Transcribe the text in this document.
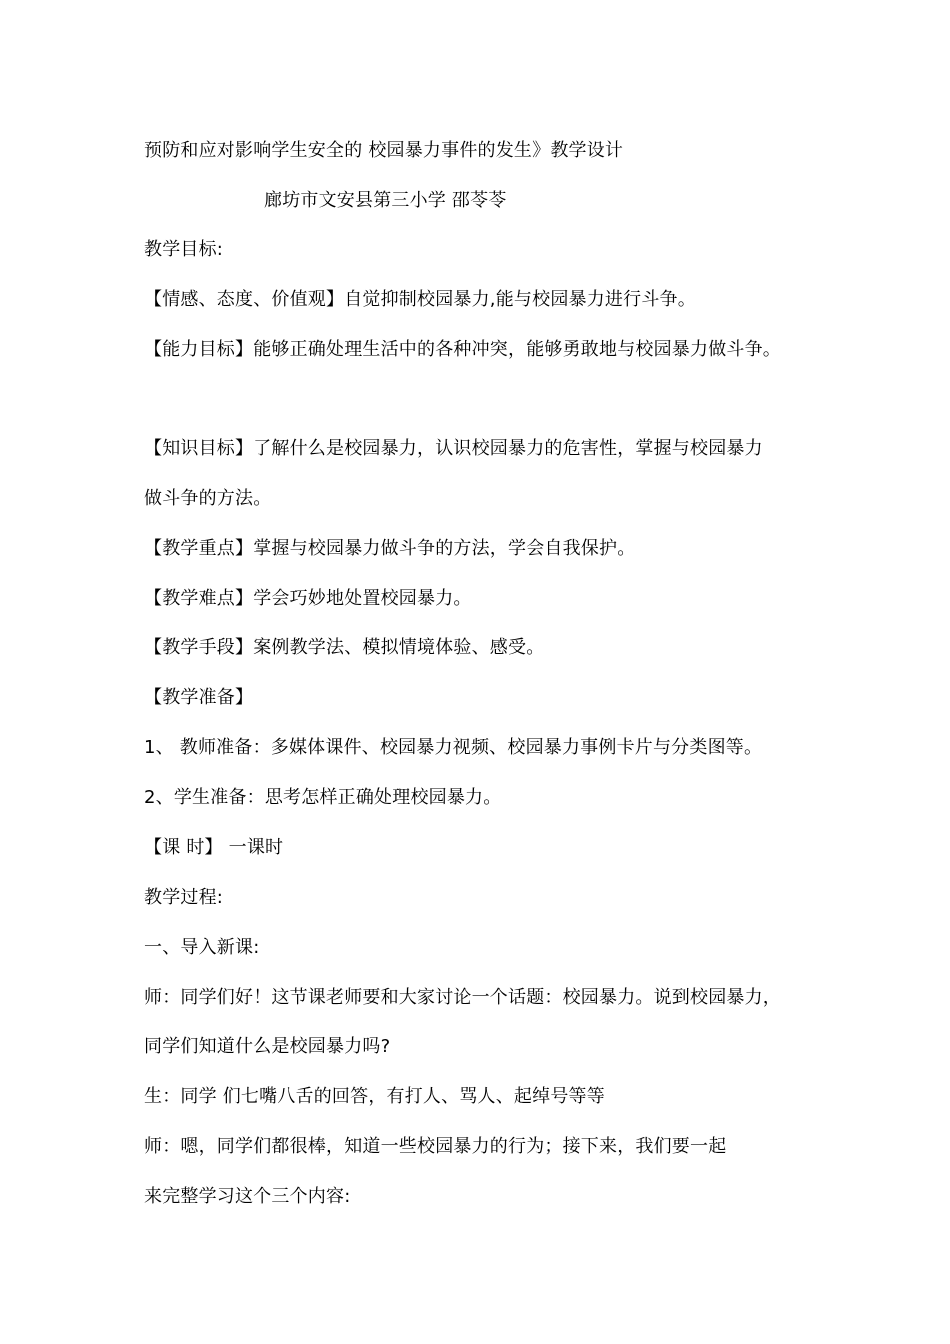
预防和应对影响学生安全的 校园暴力事件的发生》教学设计
廊坊市文安县第三小学 邵苓苓
教学目标:
【情感、态度、价值观】自觉抑制校园暴力,能与校园暴力进行斗争。
【能力目标】能够正确处理生活中的各种冲突，能够勇敢地与校园暴力做斗争。
【知识目标】了解什么是校园暴力，认识校园暴力的危害性，掌握与校园暴力
做斗争的方法。
【教学重点】掌握与校园暴力做斗争的方法，学会自我保护。
【教学难点】学会巧妙地处置校园暴力。
【教学手段】案例教学法、模拟情境体验、感受。
【教学准备】
1、 教师准备：多媒体课件、校园暴力视频、校园暴力事例卡片与分类图等。
2、学生准备：思考怎样正确处理校园暴力。
【课 时】 一课时
教学过程:
一、导入新课:
师：同学们好！这节课老师要和大家讨论一个话题：校园暴力。说到校园暴力，
同学们知道什么是校园暴力吗?
生：同学 们七嘴八舌的回答，有打人、骂人、起绰号等等
师：嗯，同学们都很棒，知道一些校园暴力的行为；接下来，我们要一起
来完整学习这个三个内容:
